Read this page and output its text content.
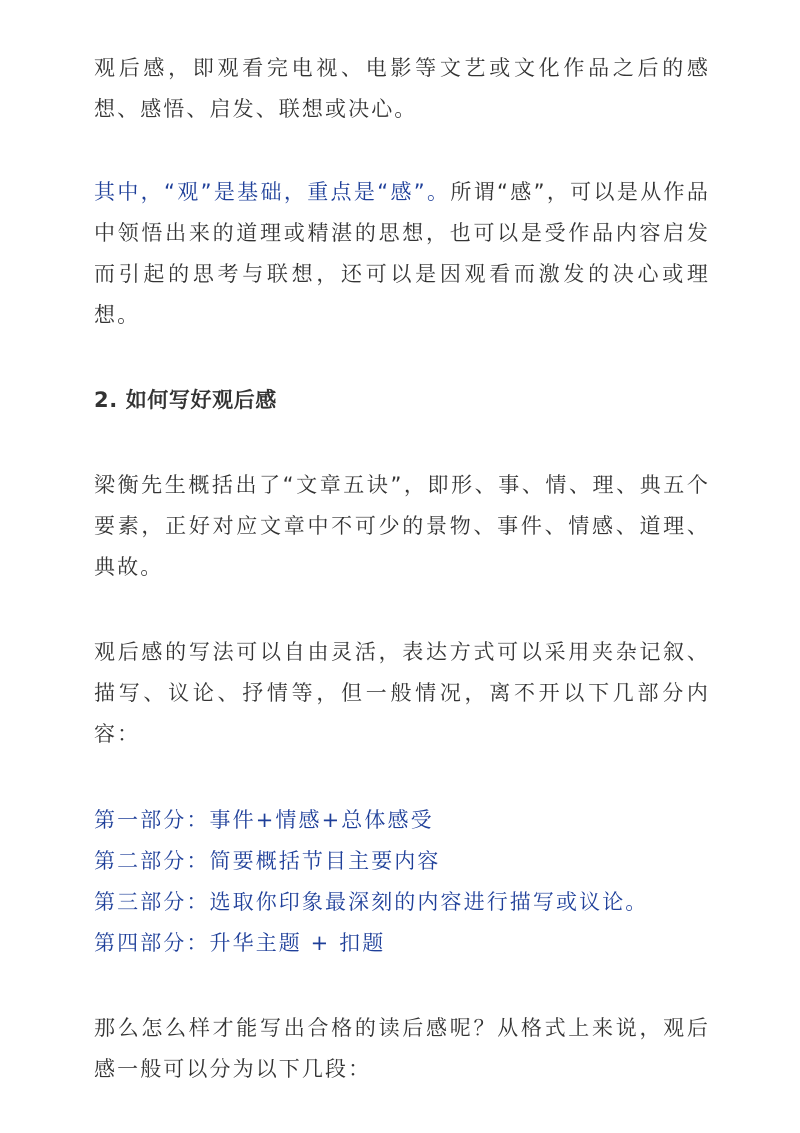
观后感，即观看完电视、电影等文艺或文化作品之后的感想、感悟、启发、联想或决心。

其中，“观”是基础，重点是“感”。所谓“感”，可以是从作品中领悟出来的道理或精湛的思想，也可以是受作品内容启发而引起的思考与联想，还可以是因观看而激发的决心或理想。

2. 如何写好观后感

梁衡先生概括出了“文章五诀”，即形、事、情、理、典五个要素，正好对应文章中不可少的景物、事件、情感、道理、典故。

观后感的写法可以自由灵活，表达方式可以采用夹杂记叙、描写、议论、抒情等，但一般情况，离不开以下几部分内容：

第一部分：事件+情感+总体感受

第二部分：简要概括节目主要内容

第三部分：选取你印象最深刻的内容进行描写或议论。

第四部分：升华主题 + 扣题

那么怎么样才能写出合格的读后感呢？从格式上来说，观后感一般可以分为以下几段：
